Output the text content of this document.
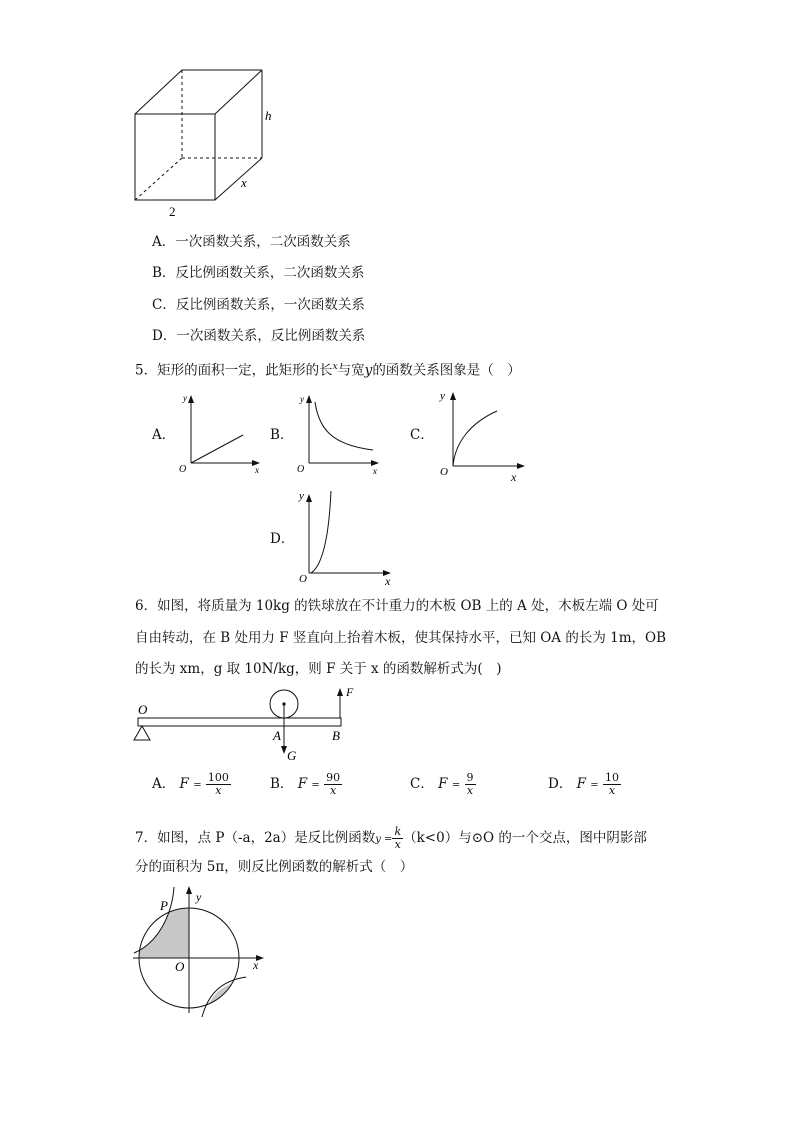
h
x
2
A．一次函数关系，二次函数关系
B．反比例函数关系，二次函数关系
C．反比例函数关系，一次函数关系
D．一次函数关系，反比例函数关系
5．矩形的面积一定，此矩形的长$^x$与宽y的函数关系图象是（　）
A．
y
x
O
B．
y
x
O
C．
y
x
O
D．
y
x
O
6．如图，将质量为 10kg 的铁球放在不计重力的木板 OB 上的 A 处，木板左端 O 处可
自由转动，在 B 处用力 F 竖直向上抬着木板，使其保持水平，已知 OA 的长为 1m，OB
的长为 xm，g 取 10N/kg，则 F 关于 x 的函数解析式为(　)
O
F
A	B
G
A． $F = \frac{100}{x}$	B． $F = \frac{90}{x}$	C． $F = \frac{9}{x}$	D． $F = \frac{10}{x}$
7．如图，点 P（-a，2a）是反比例函数$y = \frac{k}{x} (k<0)$与⊙O 的一个交点，图中阴影部
分的面积为 5π，则反比例函数的解析式（　）
P
y
O	x
